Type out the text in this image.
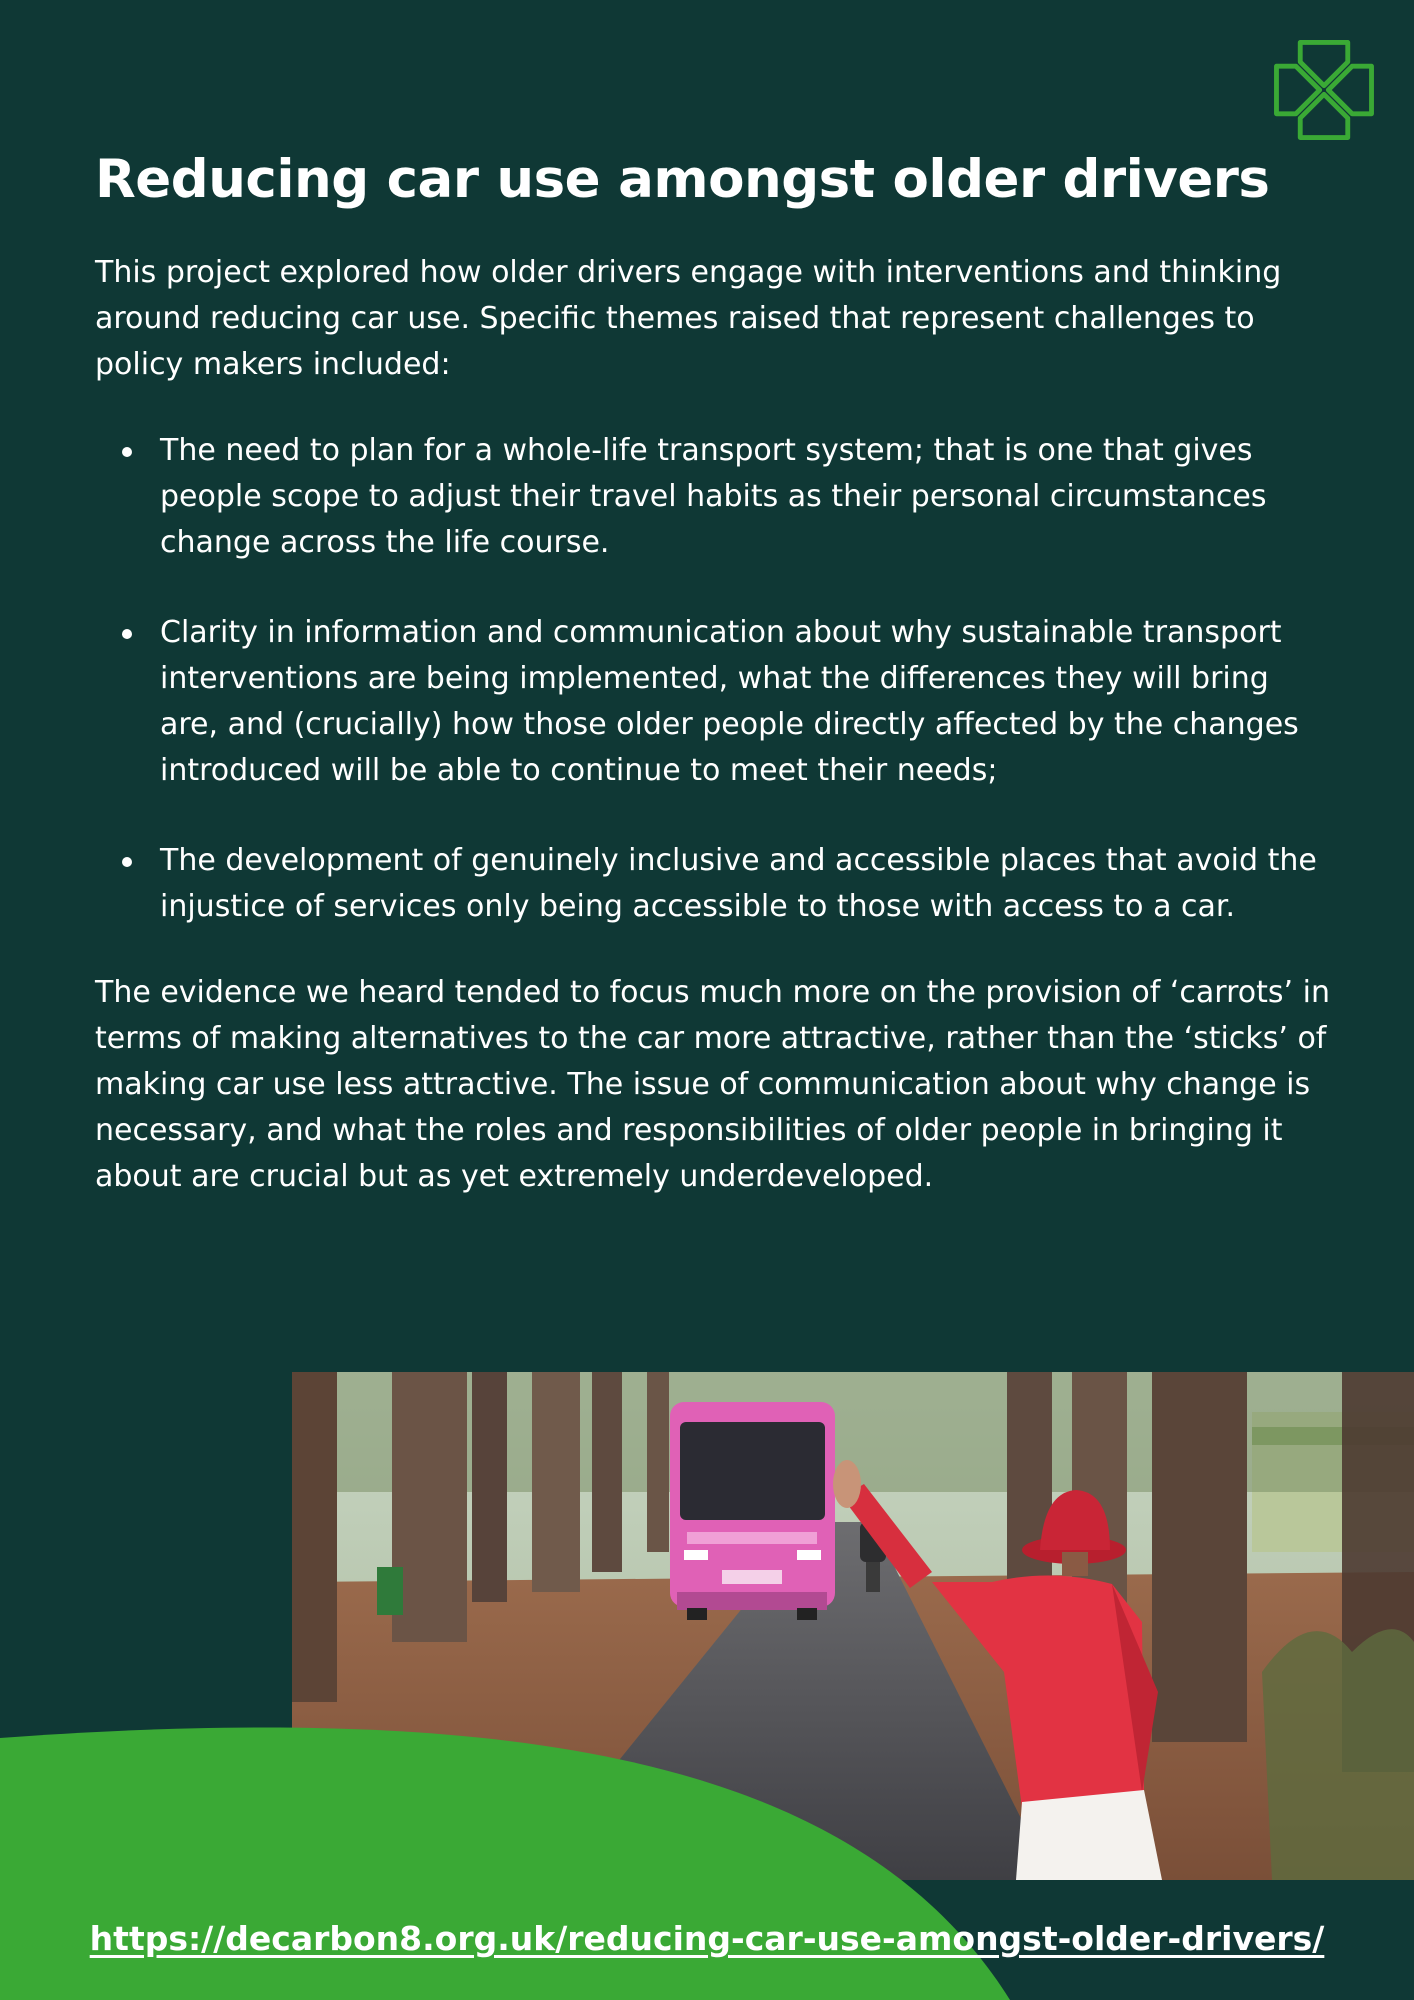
Reducing car use amongst older drivers

This project explored how older drivers engage with interventions and thinking around reducing car use. Specific themes raised that represent challenges to policy makers included:

The need to plan for a whole-life transport system; that is one that gives people scope to adjust their travel habits as their personal circumstances change across the life course.
Clarity in information and communication about why sustainable transport interventions are being implemented, what the differences they will bring are, and (crucially) how those older people directly affected by the changes introduced will be able to continue to meet their needs;
The development of genuinely inclusive and accessible places that avoid the injustice of services only being accessible to those with access to a car.

The evidence we heard tended to focus much more on the provision of ‘carrots’ in terms of making alternatives to the car more attractive, rather than the ‘sticks’ of making car use less attractive. The issue of communication about why change is necessary, and what the roles and responsibilities of older people in bringing it about are crucial but as yet extremely underdeveloped.

https://decarbon8.org.uk/reducing-car-use-amongst-older-drivers/
